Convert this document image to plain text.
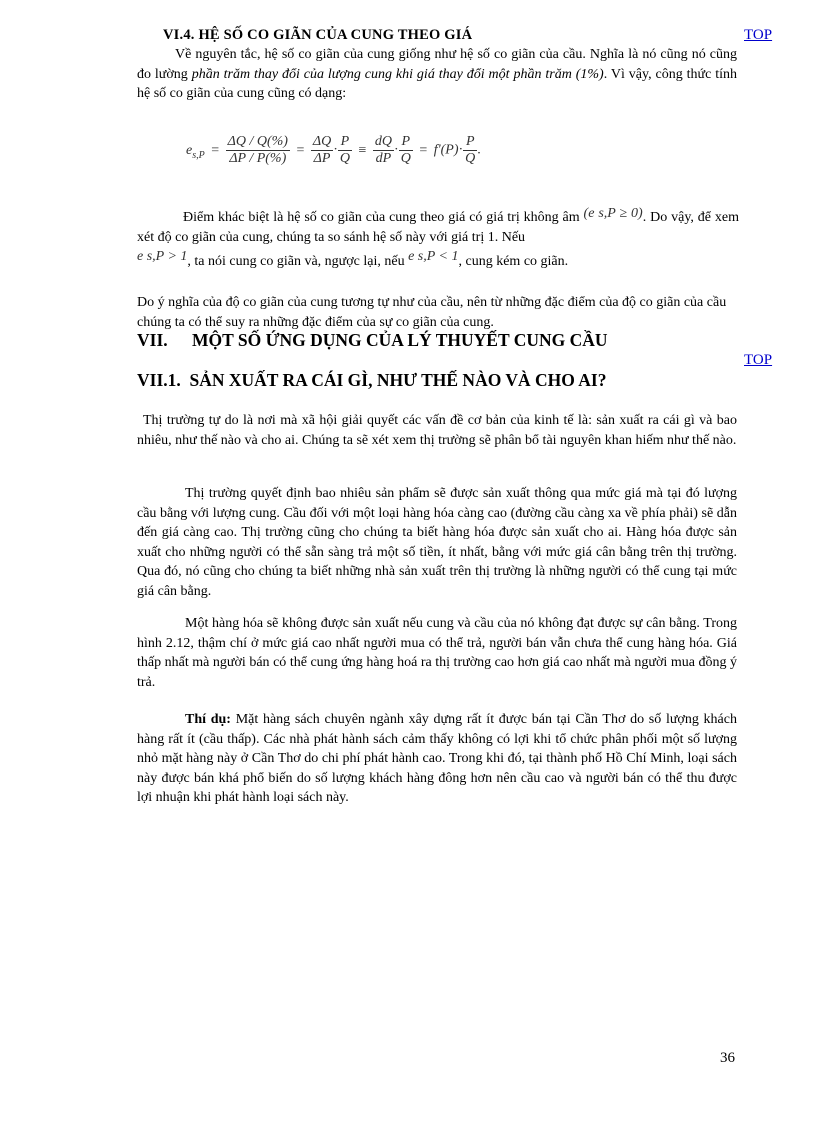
VI.4. HỆ SỐ CO GIÃN CỦA CUNG THEO GIÁ	TOP
Về nguyên tắc, hệ số co giãn của cung giống như hệ số co giãn của cầu. Nghĩa là nó cũng nó cũng đo lường phần trăm thay đổi của lượng cung khi giá thay đổi một phần trăm (1%). Vì vậy, công thức tính hệ số co giãn của cung cũng có dạng:
$e_{s,P} = \frac{\Delta Q / Q(\%)}{\Delta P / P(\%)} = \frac{\Delta Q}{\Delta P} \cdot \frac{P}{Q} \equiv \frac{dQ}{dP} \cdot \frac{P}{Q} = f'(P)\cdot \frac{P}{Q}$ .
Điểm khác biệt là hệ số co giãn của cung theo giá có giá trị không âm (e s,P ≥ 0). Do vậy, để xem xét độ co giãn của cung, chúng ta so sánh hệ số này với giá trị 1. Nếu
e s,P > 1, ta nói cung co giãn và, ngược lại, nếu e s,P < 1, cung kém co giãn.
Do ý nghĩa của độ co giãn của cung tương tự như của cầu, nên từ những đặc điểm của độ co giãn của cầu chúng ta có thể suy ra những đặc điểm của sự co giãn của cung.
VII. MỘT SỐ ỨNG DỤNG CỦA LÝ THUYẾT CUNG CẦU
TOP
VII.1.  SẢN XUẤT RA CÁI GÌ, NHƯ THẾ NÀO VÀ CHO AI?
Thị trường tự do là nơi mà xã hội giải quyết các vấn đề cơ bản của kinh tế là: sản xuất ra cái gì và bao nhiêu, như thế nào và cho ai. Chúng ta sẽ xét xem thị trường sẽ phân bổ tài nguyên khan hiếm như thế nào.
Thị trường quyết định bao nhiêu sản phẩm sẽ được sản xuất thông qua mức giá mà tại đó lượng cầu bằng với lượng cung. Cầu đối với một loại hàng hóa càng cao (đường cầu càng xa về phía phải) sẽ dẫn đến giá càng cao. Thị trường cũng cho chúng ta biết hàng hóa được sản xuất cho ai. Hàng hóa được sản xuất cho những người có thể sẵn sàng trả một số tiền, ít nhất, bằng với mức giá cân bằng trên thị trường. Qua đó, nó cũng cho chúng ta biết những nhà sản xuất trên thị trường là những người có thể cung tại mức giá cân bằng.
Một hàng hóa sẽ không được sản xuất nếu cung và cầu của nó không đạt được sự cân bằng. Trong hình 2.12, thậm chí ở mức giá cao nhất người mua có thể trả, người bán vẫn chưa thể cung hàng hóa. Giá thấp nhất mà người bán có thể cung ứng hàng hoá ra thị trường cao hơn giá cao nhất mà người mua đồng ý trả.
Thí dụ: Mặt hàng sách chuyên ngành xây dựng rất ít được bán tại Cần Thơ do số lượng khách hàng rất ít (cầu thấp). Các nhà phát hành sách cảm thấy không có lợi khi tổ chức phân phối một số lượng nhỏ mặt hàng này ở Cần Thơ do chi phí phát hành cao. Trong khi đó, tại thành phố Hồ Chí Minh, loại sách này được bán khá phổ biến do số lượng khách hàng đông hơn nên cầu cao và người bán có thể thu được lợi nhuận khi phát hành loại sách này.
36
